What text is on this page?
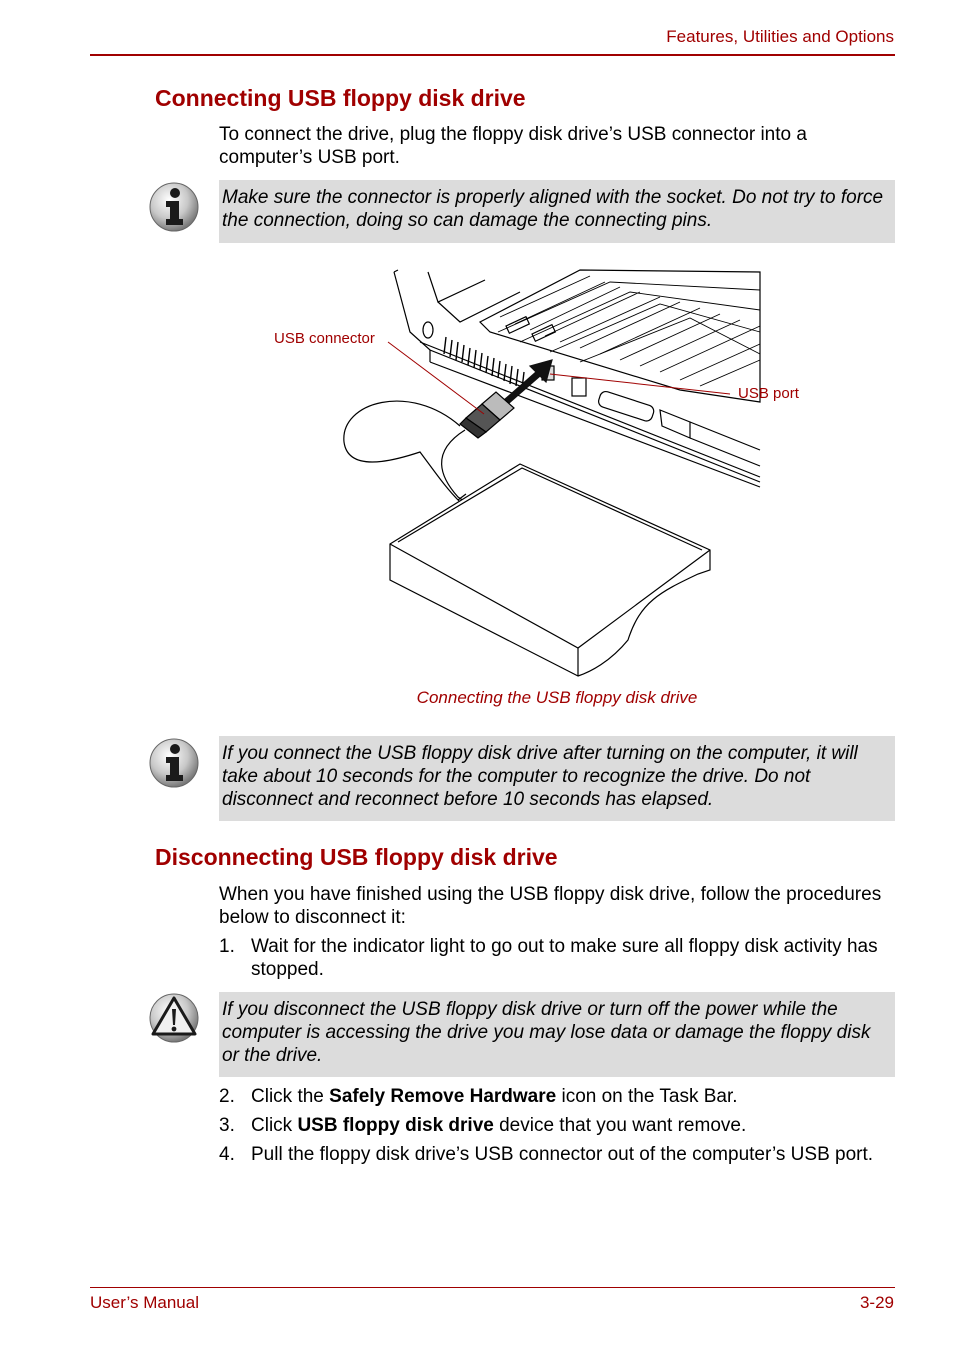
Features, Utilities and Options
Connecting USB floppy disk drive

To connect the drive, plug the floppy disk drive’s USB connector into a computer’s USB port.

Make sure the connector is properly aligned with the socket. Do not try to force the connection, doing so can damage the connecting pins.
USB connector
USB port
Connecting the USB floppy disk drive
If you connect the USB floppy disk drive after turning on the computer, it will take about 10 seconds for the computer to recognize the drive. Do not disconnect and reconnect before 10 seconds has elapsed.
Disconnecting USB floppy disk drive

When you have finished using the USB floppy disk drive, follow the procedures below to disconnect it:

1. Wait for the indicator light to go out to make sure all floppy disk activity has stopped.
If you disconnect the USB floppy disk drive or turn off the power while the computer is accessing the drive you may lose data or damage the floppy disk or the drive.
2. Click the Safely Remove Hardware icon on the Task Bar.
3. Click USB floppy disk drive device that you want remove.
4. Pull the floppy disk drive’s USB connector out of the computer’s USB port.
User’s Manual	3-29
